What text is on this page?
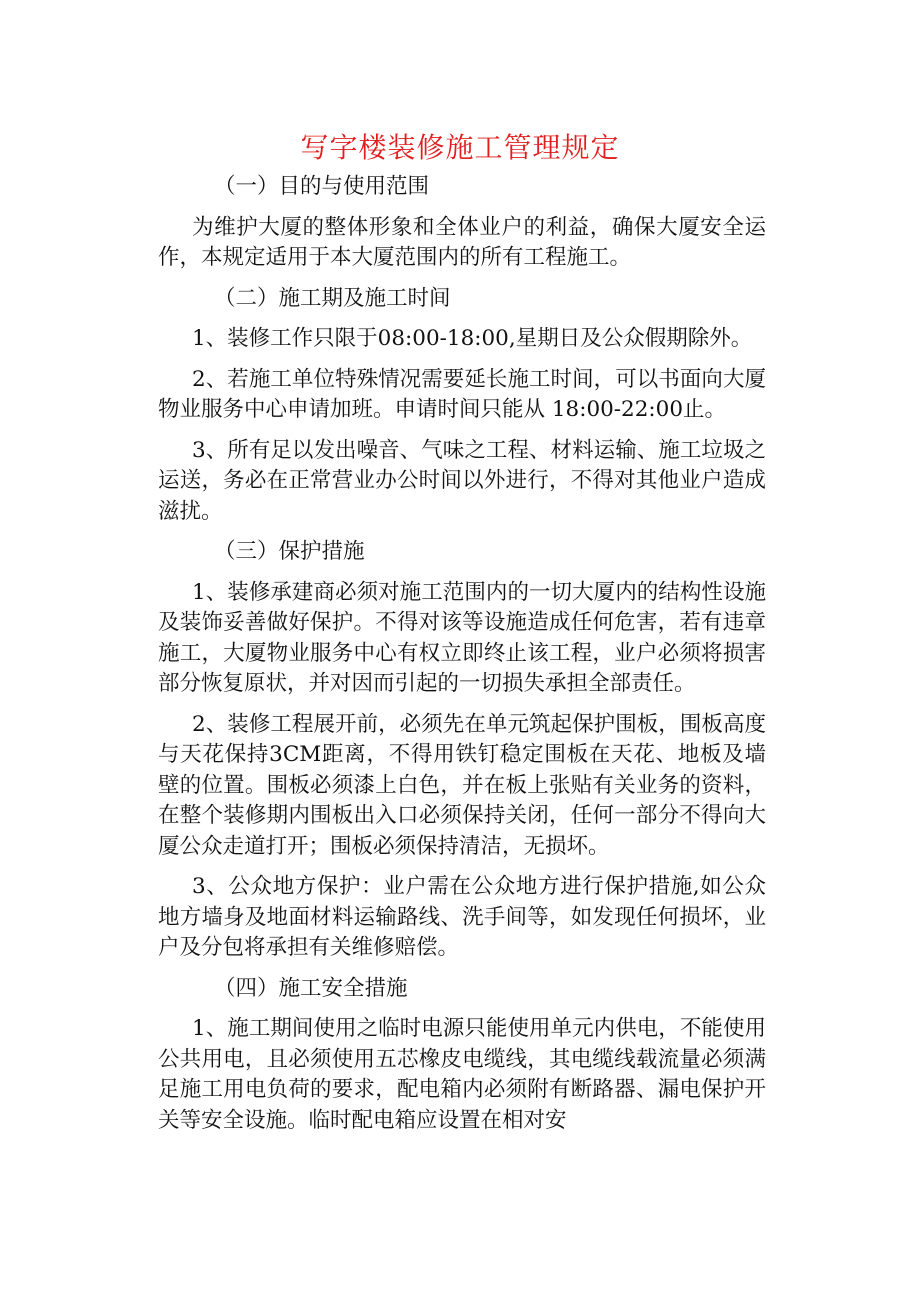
写字楼装修施工管理规定
（一）目的与使用范围
为维护大厦的整体形象和全体业户的利益，确保大厦安全运作，本规定适用于本大厦范围内的所有工程施工。
（二）施工期及施工时间
1、装修工作只限于08:00-18:00,星期日及公众假期除外。
2、若施工单位特殊情况需要延长施工时间，可以书面向大厦物业服务中心申请加班。申请时间只能从 18:00-22:00止。
3、所有足以发出噪音、气味之工程、材料运输、施工垃圾之运送，务必在正常营业办公时间以外进行，不得对其他业户造成滋扰。
（三）保护措施
1、装修承建商必须对施工范围内的一切大厦内的结构性设施及装饰妥善做好保护。不得对该等设施造成任何危害，若有违章施工，大厦物业服务中心有权立即终止该工程，业户必须将损害部分恢复原状，并对因而引起的一切损失承担全部责任。
2、装修工程展开前，必须先在单元筑起保护围板，围板高度与天花保持3CM距离，不得用铁钉稳定围板在天花、地板及墙壁的位置。围板必须漆上白色，并在板上张贴有关业务的资料，在整个装修期内围板出入口必须保持关闭，任何一部分不得向大厦公众走道打开；围板必须保持清洁，无损坏。
3、公众地方保护：业户需在公众地方进行保护措施,如公众地方墙身及地面材料运输路线、洗手间等，如发现任何损坏，业户及分包将承担有关维修赔偿。
（四）施工安全措施
1、施工期间使用之临时电源只能使用单元内供电，不能使用公共用电，且必须使用五芯橡皮电缆线，其电缆线载流量必须满足施工用电负荷的要求，配电箱内必须附有断路器、漏电保护开关等安全设施。临时配电箱应设置在相对安
